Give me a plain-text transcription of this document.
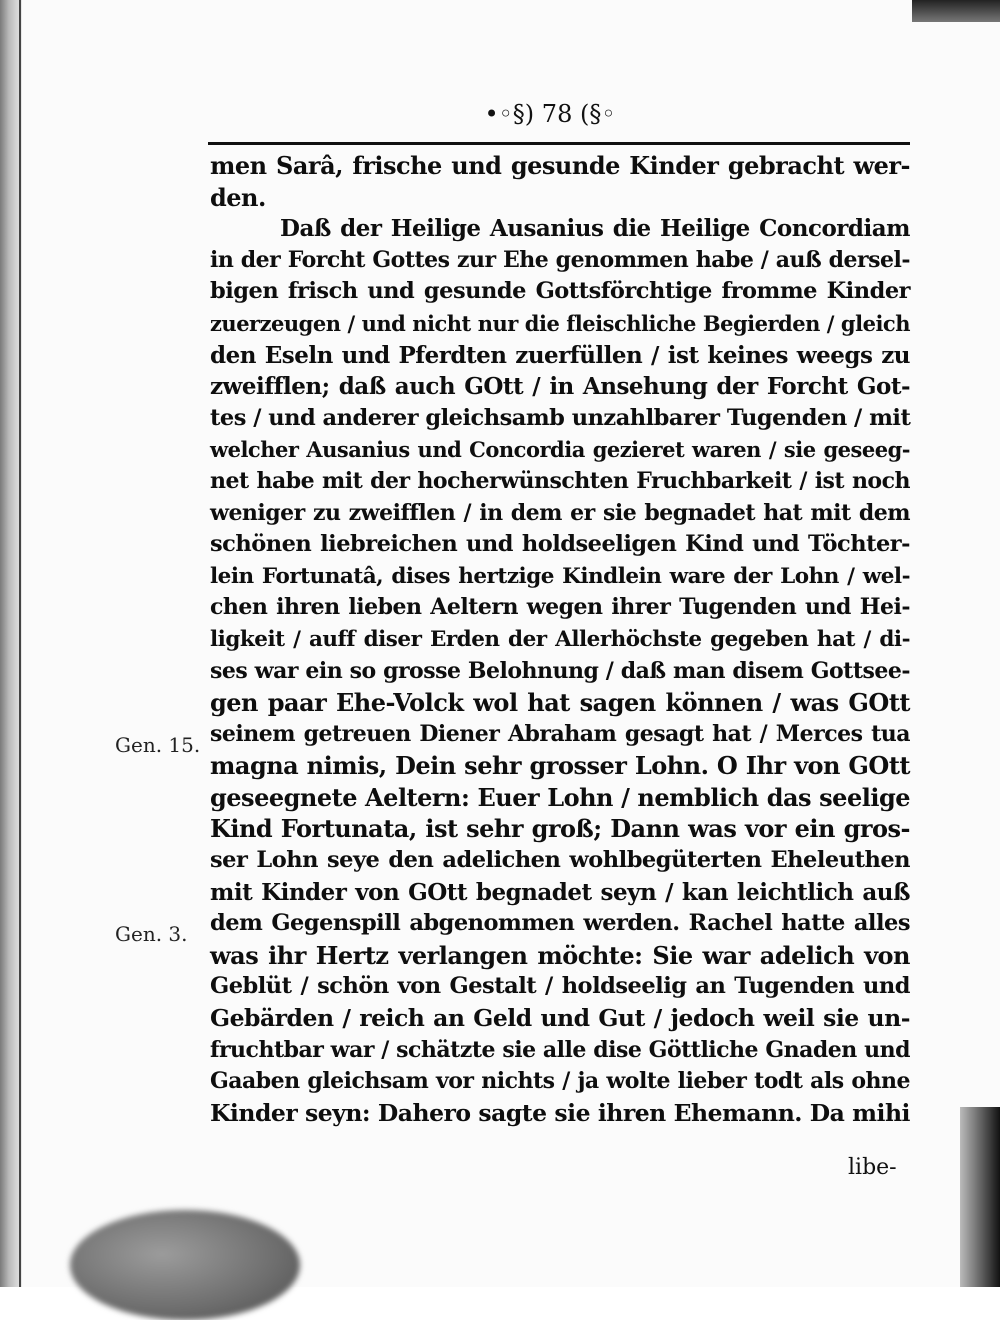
•◦§) 78 (§◦
men Sarâ, frische und gesunde Kinder gebracht wer-
den.
Daß der Heilige Ausanius die Heilige Concordiam
in der Forcht Gottes zur Ehe genommen habe / auß dersel-
bigen frisch und gesunde Gottsförchtige fromme Kinder
zuerzeugen / und nicht nur die fleischliche Begierden / gleich
den Eseln und Pferdten zuerfüllen / ist keines weegs zu
zweifflen; daß auch GOtt / in Ansehung der Forcht Got-
tes / und anderer gleichsamb unzahlbarer Tugenden / mit
welcher Ausanius und Concordia gezieret waren / sie geseeg-
net habe mit der hocherwünschten Fruchbarkeit / ist noch
weniger zu zweifflen / in dem er sie begnadet hat mit dem
schönen liebreichen und holdseeligen Kind und Töchter-
lein Fortunatâ, dises hertzige Kindlein ware der Lohn / wel-
chen ihren lieben Aeltern wegen ihrer Tugenden und Hei-
ligkeit / auff diser Erden der Allerhöchste gegeben hat / di-
ses war ein so grosse Belohnung / daß man disem Gottsee-
gen paar Ehe-Volck wol hat sagen können / was GOtt
seinem getreuen Diener Abraham gesagt hat / Merces tua
magna nimis, Dein sehr grosser Lohn. O Ihr von GOtt
geseegnete Aeltern: Euer Lohn / nemblich das seelige
Kind Fortunata, ist sehr groß; Dann was vor ein gros-
ser Lohn seye den adelichen wohlbegüterten Eheleuthen
mit Kinder von GOtt begnadet seyn / kan leichtlich auß
dem Gegenspill abgenommen werden. Rachel hatte alles
was ihr Hertz verlangen möchte: Sie war adelich von
Geblüt / schön von Gestalt / holdseelig an Tugenden und
Gebärden / reich an Geld und Gut / jedoch weil sie un-
fruchtbar war / schätzte sie alle dise Göttliche Gnaden und
Gaaben gleichsam vor nichts / ja wolte lieber todt als ohne
Kinder seyn: Dahero sagte sie ihren Ehemann. Da mihi
Gen. 15.
Gen. 3.
libe-
